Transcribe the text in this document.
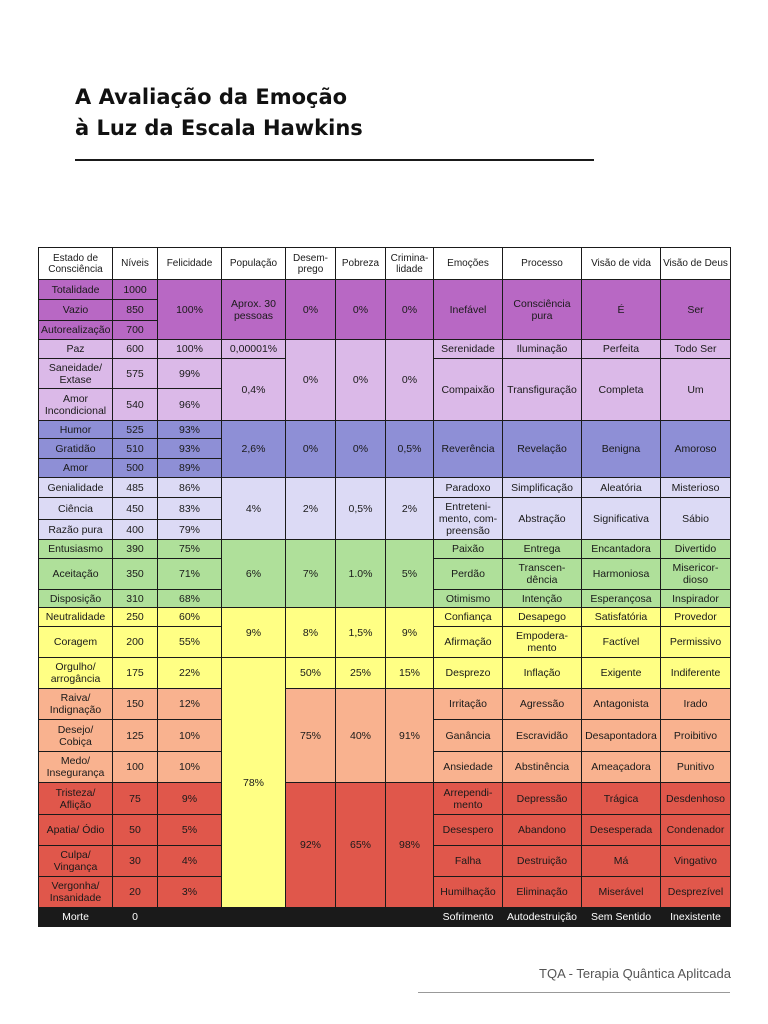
A Avaliação da Emoção
à Luz da Escala Hawkins
Estado de Consciência	Níveis	Felicidade	População	Desem- prego	Pobreza	Crimina- lidade	Emoções	Processo	Visão de vida	Visão de Deus
Totalidade	1000	100%	Aprox. 30 pessoas	0%	0%	0%	Inefável	Consciência pura	É	Ser
Vazio	850									
Autorealização	700									
Paz	600	100%	0,00001%	0%	0%	0%	Serenidade	Iluminação	Perfeita	Todo Ser
Saneidade/ Extase	575	99%	0,4%				Compaixão	Transfiguração	Completa	Um
Amor Incondicional	540	96%								
Humor	525	93%	2,6%	0%	0%	0,5%	Reverência	Revelação	Benigna	Amoroso
Gratidão	510	93%								
Amor	500	89%								
Genialidade	485	86%	4%	2%	0,5%	2%	Paradoxo	Simplificação	Aleatória	Misterioso
Ciência	450	83%					Entreteni- mento, com- preensão	Abstração	Significativa	Sábio
Razão pura	400	79%								
Entusiasmo	390	75%	6%	7%	1.0%	5%	Paixão	Entrega	Encantadora	Divertido
Aceitação	350	71%					Perdão	Transcen- dência	Harmoniosa	Misericor- dioso
Disposição	310	68%					Otimismo	Intenção	Esperançosa	Inspirador
Neutralidade	250	60%	9%	8%	1,5%	9%	Confiança	Desapego	Satisfatória	Provedor
Coragem	200	55%					Afirmação	Empodera- mento	Factível	Permissivo
Orgulho/ arrogância	175	22%	78%	50%	25%	15%	Desprezo	Inflação	Exigente	Indiferente
Raiva/ Indignação	150	12%		75%	40%	91%	Irritação	Agressão	Antagonista	Irado
Desejo/ Cobiça	125	10%					Ganância	Escravidão	Desapontadora	Proibitivo
Medo/ Insegurança	100	10%					Ansiedade	Abstinência	Ameaçadora	Punitivo
Tristeza/ Aflição	75	9%		92%	65%	98%	Arrependi- mento	Depressão	Trágica	Desdenhoso
Apatia/ Ódio	50	5%					Desespero	Abandono	Desesperada	Condenador
Culpa/ Vingança	30	4%					Falha	Destruição	Má	Vingativo
Vergonha/ Insanidade	20	3%					Humilhação	Eliminação	Miserável	Desprezível
Morte	0						Sofrimento	Autodestruição	Sem Sentido	Inexistente
TQA - Terapia Quântica Aplitcada
